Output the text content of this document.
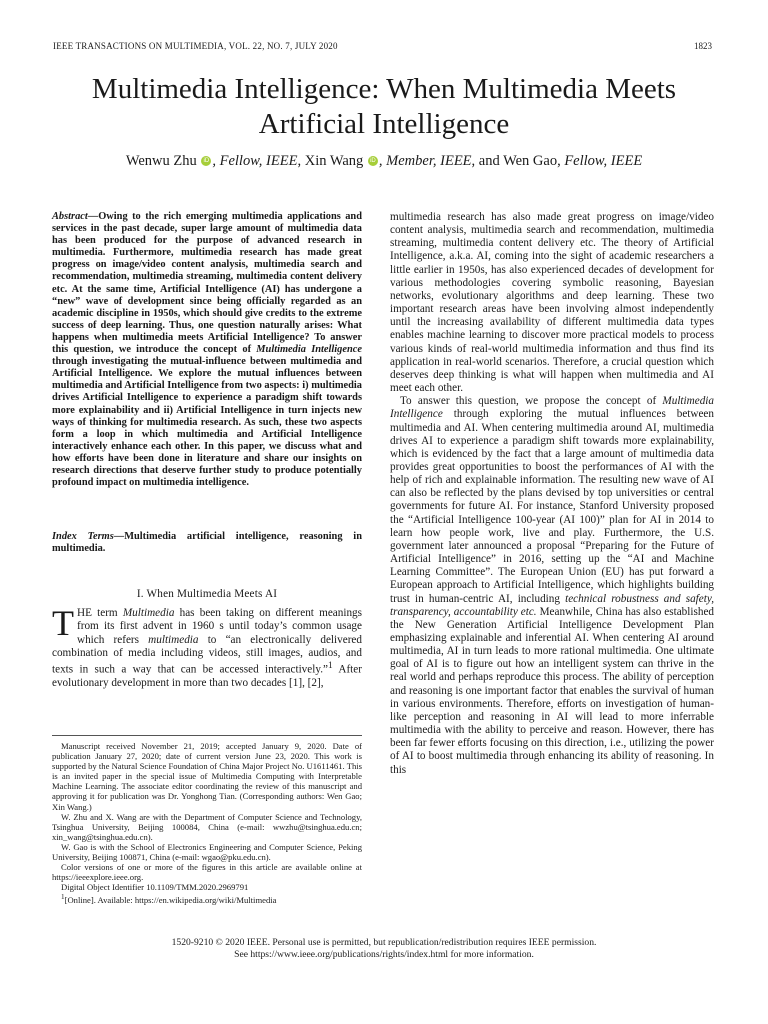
IEEE TRANSACTIONS ON MULTIMEDIA, VOL. 22, NO. 7, JULY 2020	1823
Multimedia Intelligence: When Multimedia Meets
Artificial Intelligence
Wenwu Zhu iD , Fellow, IEEE, Xin Wang iD , Member, IEEE, and Wen Gao, Fellow, IEEE
Abstract—Owing to the rich emerging multimedia applications and services in the past decade, super large amount of multimedia data has been produced for the purpose of advanced research in multimedia. Furthermore, multimedia research has made great progress on image/video content analysis, multimedia search and recommendation, multimedia streaming, multimedia content delivery etc. At the same time, Artificial Intelligence (AI) has undergone a “new” wave of development since being officially regarded as an academic discipline in 1950s, which should give credits to the extreme success of deep learning. Thus, one question naturally arises: What happens when multimedia meets Artificial Intelligence? To answer this question, we introduce the concept of Multimedia Intelligence through investigating the mutual-influence between multimedia and Artificial Intelligence. We explore the mutual influences between multimedia and Artificial Intelligence from two aspects: i) multimedia drives Artificial Intelligence to experience a paradigm shift towards more explainability and ii) Artificial Intelligence in turn injects new ways of thinking for multimedia research. As such, these two aspects form a loop in which multimedia and Artificial Intelligence interactively enhance each other. In this paper, we discuss what and how efforts have been done in literature and share our insights on research directions that deserve further study to produce potentially profound impact on multimedia intelligence.
Index Terms—Multimedia artificial intelligence, reasoning in multimedia.
I. When Multimedia Meets AI
THE term Multimedia has been taking on different meanings from its first advent in 1960 s until today’s common usage which refers multimedia to “an electronically delivered combination of media including videos, still images, audios, and texts in such a way that can be accessed interactively.”$^1$ After evolutionary development in more than two decades [1], [2],

Manuscript received November 21, 2019; accepted January 9, 2020. Date of publication January 27, 2020; date of current version June 23, 2020. This work is supported by the Natural Science Foundation of China Major Project No. U1611461. This is an invited paper in the special issue of Multimedia Computing with Interpretable Machine Learning. The associate editor coordinating the review of this manuscript and approving it for publication was Dr. Yonghong Tian. (Corresponding authors: Wen Gao; Xin Wang.)

W. Zhu and X. Wang are with the Department of Computer Science and Technology, Tsinghua University, Beijing 100084, China (e-mail: wwzhu@tsinghua.edu.cn; xin_wang@tsinghua.edu.cn).

W. Gao is with the School of Electronics Engineering and Computer Science, Peking University, Beijing 100871, China (e-mail: wgao@pku.edu.cn).

Color versions of one or more of the figures in this article are available online at https://ieeexplore.ieee.org.

Digital Object Identifier 10.1109/TMM.2020.2969791

$^1$[Online]. Available: https://en.wikipedia.org/wiki/Multimedia

multimedia research has also made great progress on image/video content analysis, multimedia search and recommendation, multimedia streaming, multimedia content delivery etc. The theory of Artificial Intelligence, a.k.a. AI, coming into the sight of academic researchers a little earlier in 1950s, has also experienced decades of development for various methodologies covering symbolic reasoning, Bayesian networks, evolutionary algorithms and deep learning. These two important research areas have been involving almost independently until the increasing availability of different multimedia data types enables machine learning to discover more practical models to process various kinds of real-world multimedia information and thus find its application in real-world scenarios. Therefore, a crucial question which deserves deep thinking is what will happen when multimedia and AI meet each other.

To answer this question, we propose the concept of Multimedia Intelligence through exploring the mutual influences between multimedia and AI. When centering multimedia around AI, multimedia drives AI to experience a paradigm shift towards more explainability, which is evidenced by the fact that a large amount of multimedia data provides great opportunities to boost the performances of AI with the help of rich and explainable information. The resulting new wave of AI can also be reflected by the plans devised by top universities or central governments for future AI. For instance, Stanford University proposed the “Artificial Intelligence 100-year (AI 100)” plan for AI in 2014 to learn how people work, live and play. Furthermore, the U.S. government later announced a proposal “Preparing for the Future of Artificial Intelligence” in 2016, setting up the “AI and Machine Learning Committee”. The European Union (EU) has put forward a European approach to Artificial Intelligence, which highlights building trust in human-centric AI, including technical robustness and safety, transparency, accountability etc. Meanwhile, China has also established the New Generation Artificial Intelligence Development Plan emphasizing explainable and inferential AI. When centering AI around multimedia, AI in turn leads to more rational multimedia. One ultimate goal of AI is to figure out how an intelligent system can thrive in the real world and perhaps reproduce this process. The ability of perception and reasoning is one important factor that enables the survival of human in various environments. Therefore, efforts on investigation of human-like perception and reasoning in AI will lead to more inferrable multimedia with the ability to perceive and reason. However, there has been far fewer efforts focusing on this direction, i.e., utilizing the power of AI to boost multimedia through enhancing its ability of reasoning. In this

1520-9210 © 2020 IEEE. Personal use is permitted, but republication/redistribution requires IEEE permission.
See https://www.ieee.org/publications/rights/index.html for more information.
